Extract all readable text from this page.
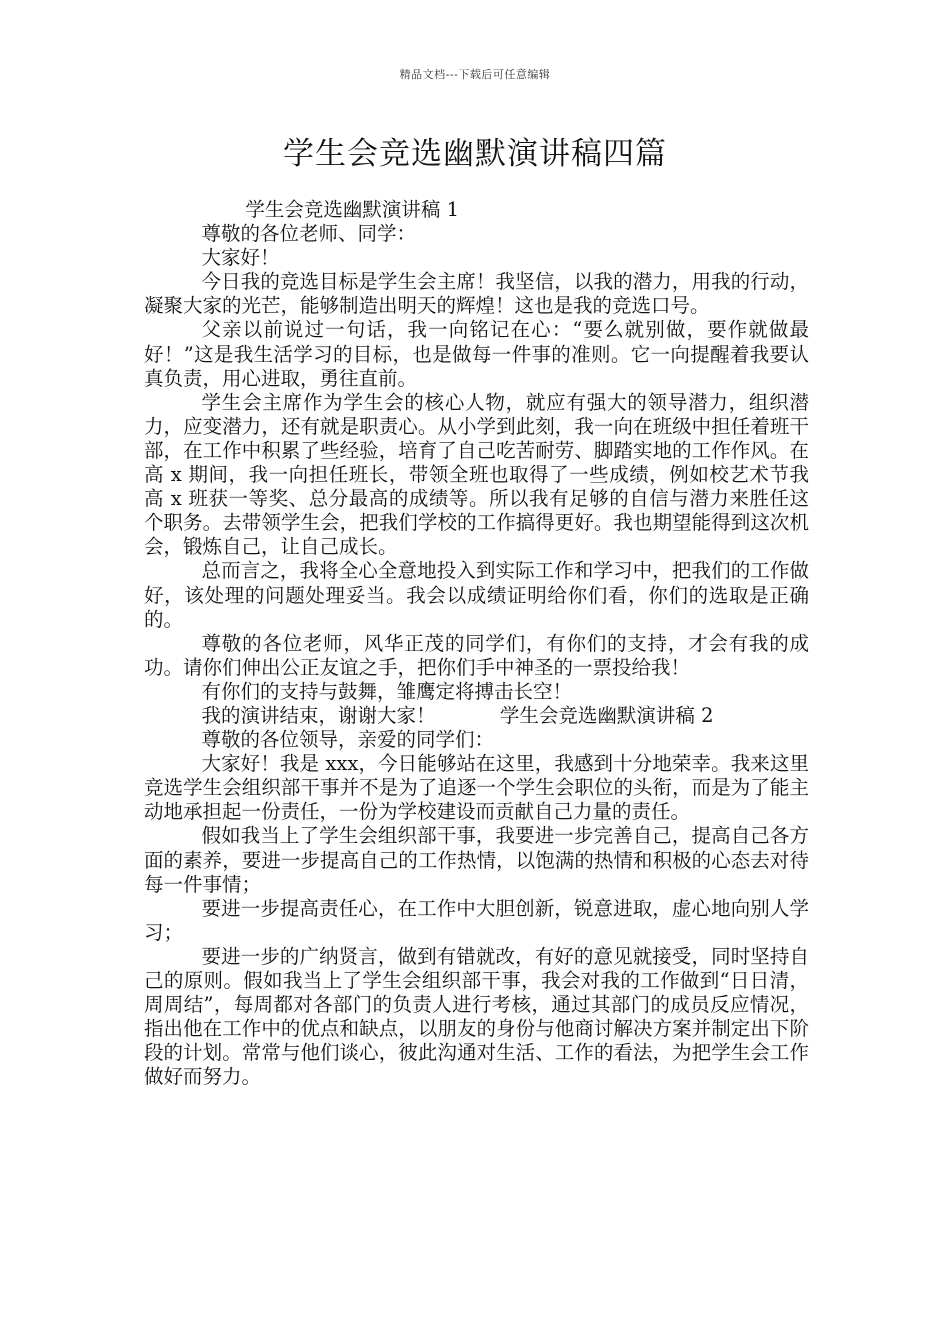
精品文档---下载后可任意编辑
学生会竞选幽默演讲稿四篇

学生会竞选幽默演讲稿 1

尊敬的各位老师、同学：

大家好！

今日我的竞选目标是学生会主席！我坚信，以我的潜力，用我的行动，凝聚大家的光芒，能够制造出明天的辉煌！这也是我的竞选口号。

父亲以前说过一句话，我一向铭记在心：“要么就别做，要作就做最好！”这是我生活学习的目标，也是做每一件事的准则。它一向提醒着我要认真负责，用心进取，勇往直前。

学生会主席作为学生会的核心人物，就应有强大的领导潜力，组织潜力，应变潜力，还有就是职责心。从小学到此刻，我一向在班级中担任着班干部，在工作中积累了些经验，培育了自己吃苦耐劳、脚踏实地的工作作风。在高 x 期间，我一向担任班长，带领全班也取得了一些成绩，例如校艺术节我高 x 班获一等奖、总分最高的成绩等。所以我有足够的自信与潜力来胜任这个职务。去带领学生会，把我们学校的工作搞得更好。我也期望能得到这次机会，锻炼自己，让自己成长。

总而言之，我将全心全意地投入到实际工作和学习中，把我们的工作做好，该处理的问题处理妥当。我会以成绩证明给你们看，你们的选取是正确的。

尊敬的各位老师，风华正茂的同学们，有你们的支持，才会有我的成功。请你们伸出公正友谊之手，把你们手中神圣的一票投给我！

有你们的支持与鼓舞，雏鹰定将搏击长空！

我的演讲结束，谢谢大家！	学生会竞选幽默演讲稿 2

尊敬的各位领导，亲爱的同学们：

大家好！我是 xxx，今日能够站在这里，我感到十分地荣幸。我来这里竞选学生会组织部干事并不是为了追逐一个学生会职位的头衔，而是为了能主动地承担起一份责任，一份为学校建设而贡献自己力量的责任。

假如我当上了学生会组织部干事，我要进一步完善自己，提高自己各方面的素养，要进一步提高自己的工作热情，以饱满的热情和积极的心态去对待每一件事情；

要进一步提高责任心，在工作中大胆创新，锐意进取，虚心地向别人学习；

要进一步的广纳贤言，做到有错就改，有好的意见就接受，同时坚持自己的原则。假如我当上了学生会组织部干事，我会对我的工作做到“日日清，周周结”，每周都对各部门的负责人进行考核，通过其部门的成员反应情况，指出他在工作中的优点和缺点，以朋友的身份与他商讨解决方案并制定出下阶段的计划。常常与他们谈心，彼此沟通对生活、工作的看法，为把学生会工作做好而努力。
